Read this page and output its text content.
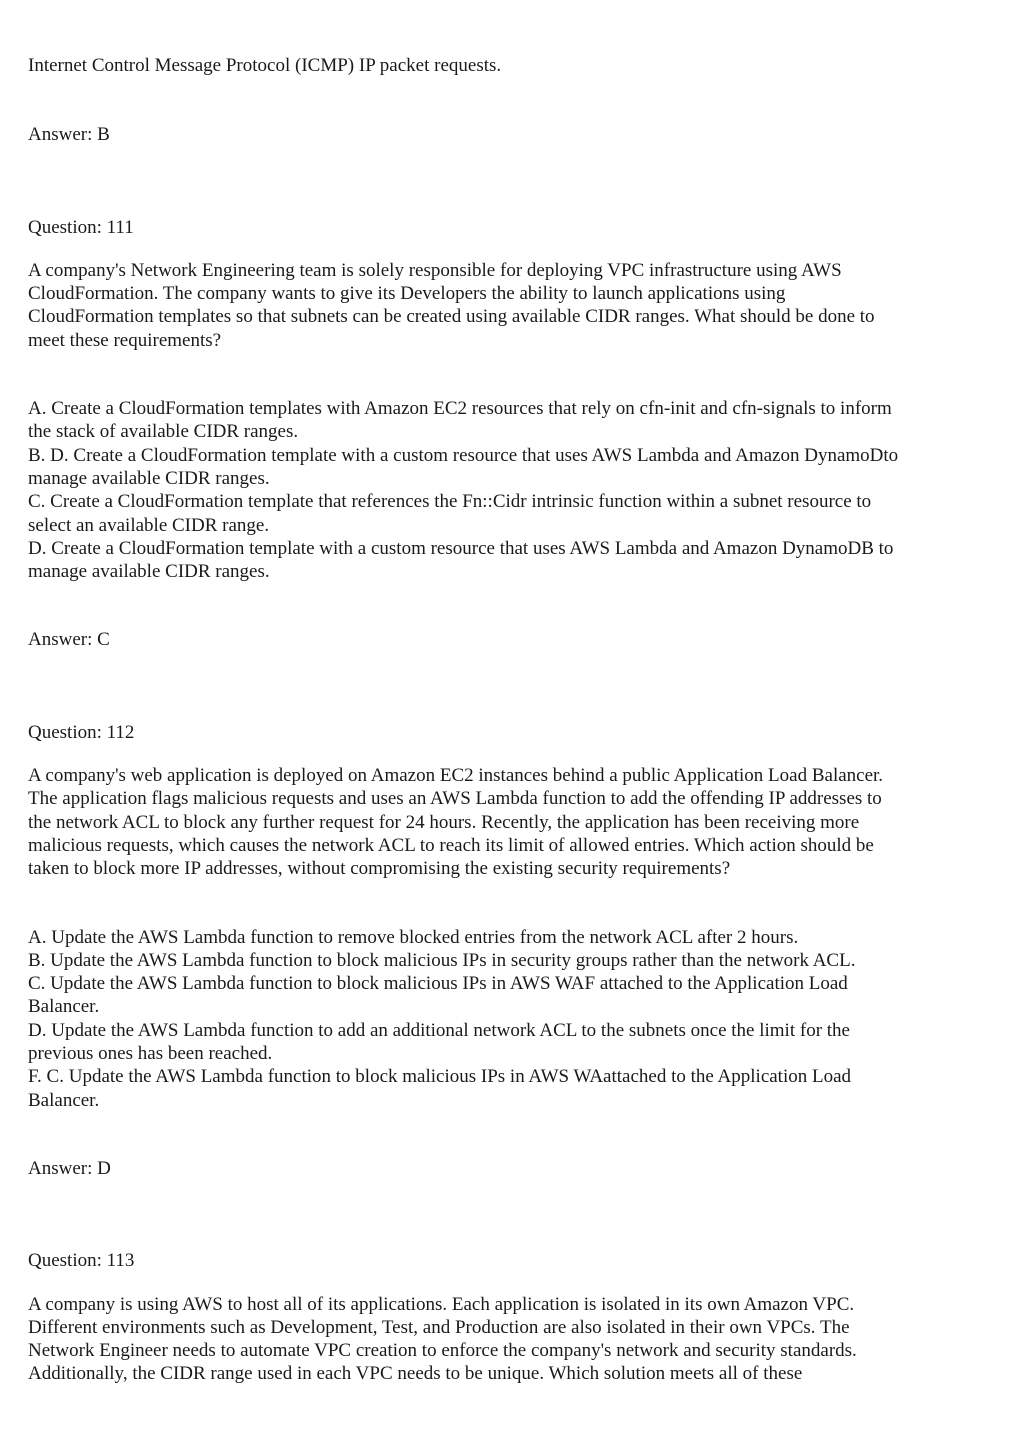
Internet Control Message Protocol (ICMP) IP packet requests.

Answer: B

Question: 111

A company's Network Engineering team is solely responsible for deploying VPC infrastructure using AWS
CloudFormation. The company wants to give its Developers the ability to launch applications using
CloudFormation templates so that subnets can be created using available CIDR ranges. What should be done to
meet these requirements?
A. Create a CloudFormation templates with Amazon EC2 resources that rely on cfn-init and cfn-signals to inform
the stack of available CIDR ranges.
B. D. Create a CloudFormation template with a custom resource that uses AWS Lambda and Amazon DynamoDto
manage available CIDR ranges.
C. Create a CloudFormation template that references the Fn::Cidr intrinsic function within a subnet resource to
select an available CIDR range.
D. Create a CloudFormation template with a custom resource that uses AWS Lambda and Amazon DynamoDB to
manage available CIDR ranges.

Answer: C

Question: 112

A company's web application is deployed on Amazon EC2 instances behind a public Application Load Balancer.
The application flags malicious requests and uses an AWS Lambda function to add the offending IP addresses to
the network ACL to block any further request for 24 hours. Recently, the application has been receiving more
malicious requests, which causes the network ACL to reach its limit of allowed entries. Which action should be
taken to block more IP addresses, without compromising the existing security requirements?
A. Update the AWS Lambda function to remove blocked entries from the network ACL after 2 hours.
B. Update the AWS Lambda function to block malicious IPs in security groups rather than the network ACL.
C. Update the AWS Lambda function to block malicious IPs in AWS WAF attached to the Application Load
Balancer.
D. Update the AWS Lambda function to add an additional network ACL to the subnets once the limit for the
previous ones has been reached.
F. C. Update the AWS Lambda function to block malicious IPs in AWS WAattached to the Application Load
Balancer.

Answer: D

Question: 113

A company is using AWS to host all of its applications. Each application is isolated in its own Amazon VPC.
Different environments such as Development, Test, and Production are also isolated in their own VPCs. The
Network Engineer needs to automate VPC creation to enforce the company's network and security standards.
Additionally, the CIDR range used in each VPC needs to be unique. Which solution meets all of these
